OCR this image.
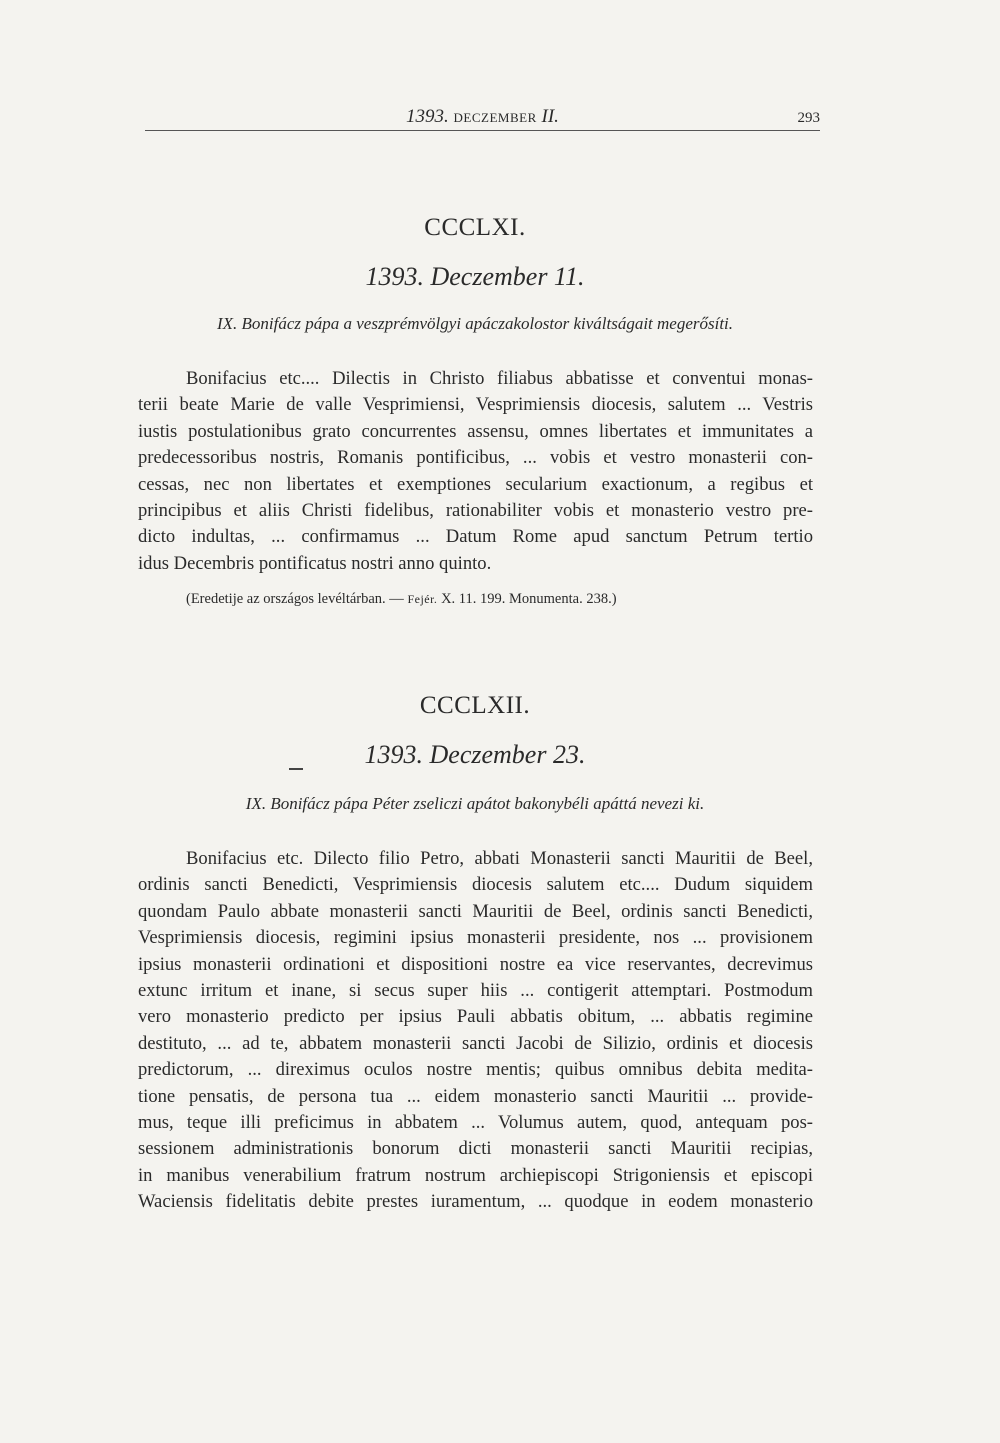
1393. DECZEMBER II.	293
CCCLXI.
1393. Deczember 11.
IX. Bonifácz pápa a veszprémvölgyi apáczakolostor kiváltságait megerősíti.
Bonifacius etc.... Dilectis in Christo filiabus abbatisse et conventui monas-
terii beate Marie de valle Vesprimiensi, Vesprimiensis diocesis, salutem ... Vestris
iustis postulationibus grato concurrentes assensu, omnes libertates et immunitates a
predecessoribus nostris, Romanis pontificibus, ... vobis et vestro monasterii con-
cessas, nec non libertates et exemptiones secularium exactionum, a regibus et
principibus et aliis Christi fidelibus, rationabiliter vobis et monasterio vestro pre-
dicto indultas, ... confirmamus ... Datum Rome apud sanctum Petrum tertio
idus Decembris pontificatus nostri anno quinto.
(Eredetije az országos levéltárban. — Fejér. X. 11. 199. Monumenta. 238.)
CCCLXII.
1393. Deczember 23.
IX. Bonifácz pápa Péter zseliczi apátot bakonybéli apáttá nevezi ki.
Bonifacius etc. Dilecto filio Petro, abbati Monasterii sancti Mauritii de Beel,
ordinis sancti Benedicti, Vesprimiensis diocesis salutem etc.... Dudum siquidem
quondam Paulo abbate monasterii sancti Mauritii de Beel, ordinis sancti Benedicti,
Vesprimiensis diocesis, regimini ipsius monasterii presidente, nos ... provisionem
ipsius monasterii ordinationi et dispositioni nostre ea vice reservantes, decrevimus
extunc irritum et inane, si secus super hiis ... contigerit attemptari. Postmodum
vero monasterio predicto per ipsius Pauli abbatis obitum, ... abbatis regimine
destituto, ... ad te, abbatem monasterii sancti Jacobi de Silizio, ordinis et diocesis
predictorum, ... direximus oculos nostre mentis; quibus omnibus debita medita-
tione pensatis, de persona tua ... eidem monasterio sancti Mauritii ... provide-
mus, teque illi preficimus in abbatem ... Volumus autem, quod, antequam pos-
sessionem administrationis bonorum dicti monasterii sancti Mauritii recipias,
in manibus venerabilium fratrum nostrum archiepiscopi Strigoniensis et episcopi
Waciensis fidelitatis debite prestes iuramentum, ... quodque in eodem monasterio
